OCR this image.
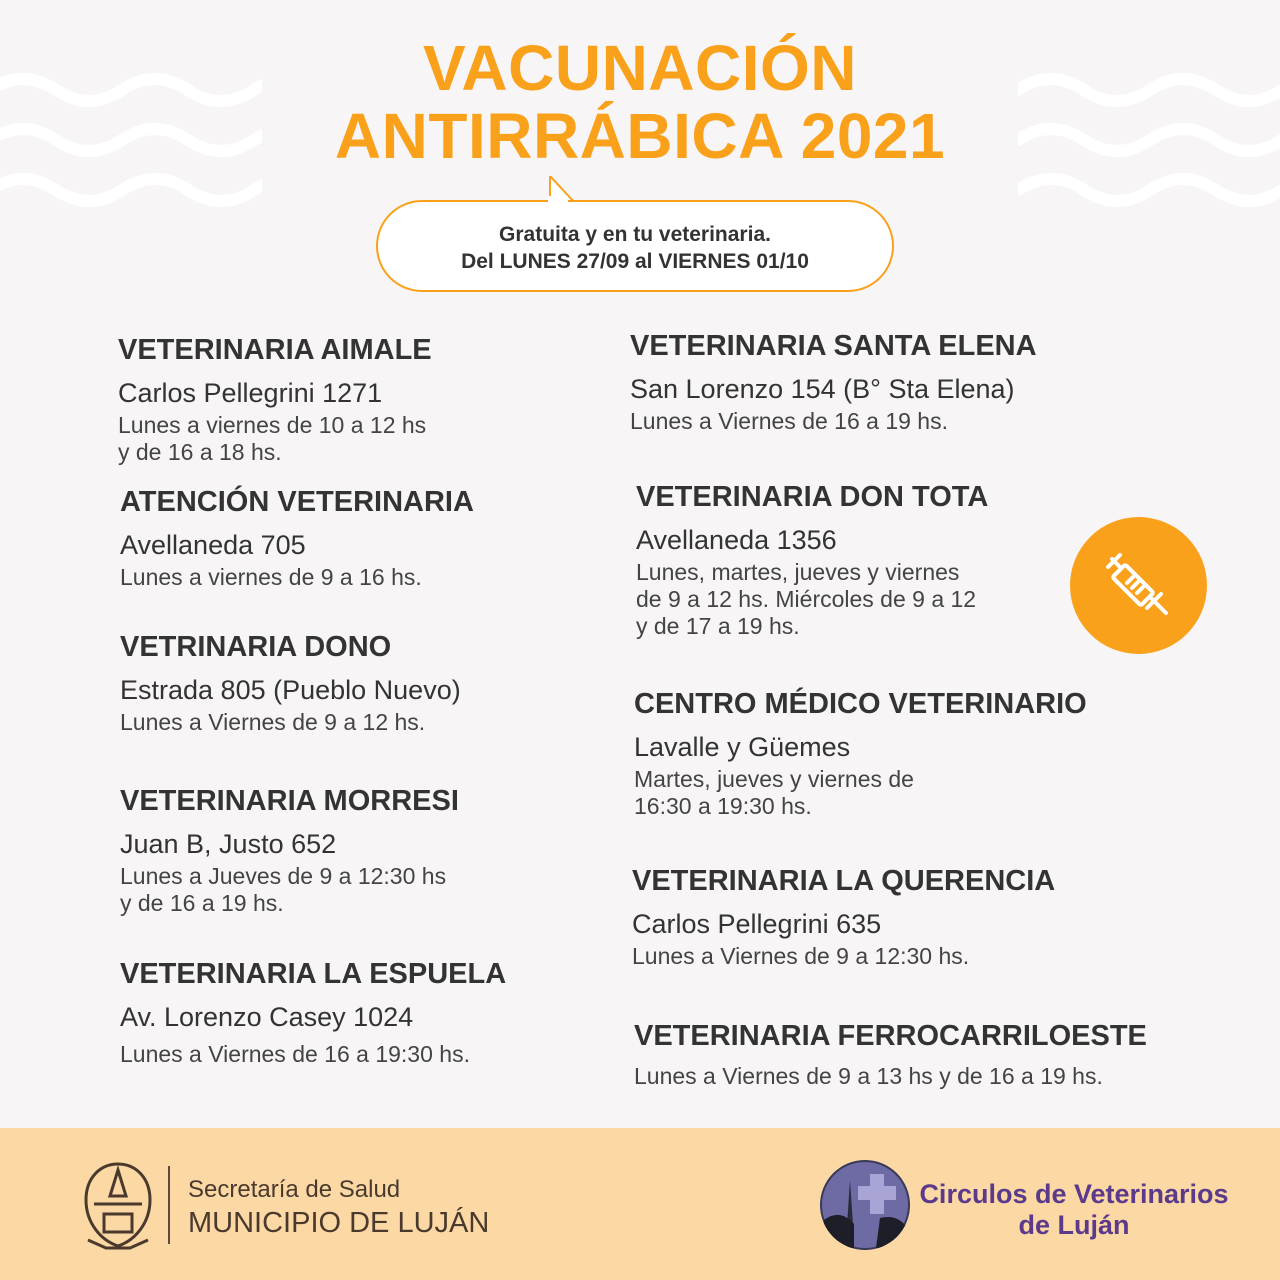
VACUNACIÓN
ANTIRRÁBICA 2021
Gratuita y en tu veterinaria.
Del LUNES 27/09 al VIERNES 01/10
VETERINARIA AIMALE
Carlos Pellegrini 1271
Lunes a viernes de 10 a 12 hs
y de 16 a 18 hs.
ATENCIÓN VETERINARIA
Avellaneda 705
Lunes a viernes de 9 a 16 hs.
VETRINARIA DONO
Estrada 805 (Pueblo Nuevo)
Lunes a Viernes de 9 a 12 hs.
VETERINARIA MORRESI
Juan B, Justo 652
Lunes a Jueves de 9 a 12:30 hs
y de 16 a 19 hs.
VETERINARIA LA ESPUELA
Av. Lorenzo Casey 1024
Lunes a Viernes de 16 a 19:30 hs.
VETERINARIA SANTA ELENA
San Lorenzo 154 (B° Sta Elena)
Lunes a Viernes de 16 a 19 hs.
VETERINARIA DON TOTA
Avellaneda 1356
Lunes, martes, jueves y viernes
de 9 a 12 hs. Miércoles de 9 a 12
y de 17 a 19 hs.
CENTRO MÉDICO VETERINARIO
Lavalle y Güemes
Martes, jueves y viernes de
16:30 a 19:30 hs.
VETERINARIA LA QUERENCIA
Carlos Pellegrini 635
Lunes a Viernes de 9 a 12:30 hs.
VETERINARIA FERROCARRILOESTE
Lunes a Viernes de 9 a 13 hs y de 16 a 19 hs.
Secretaría de Salud
MUNICIPIO DE LUJÁN
Circulos de Veterinarios
de Luján
